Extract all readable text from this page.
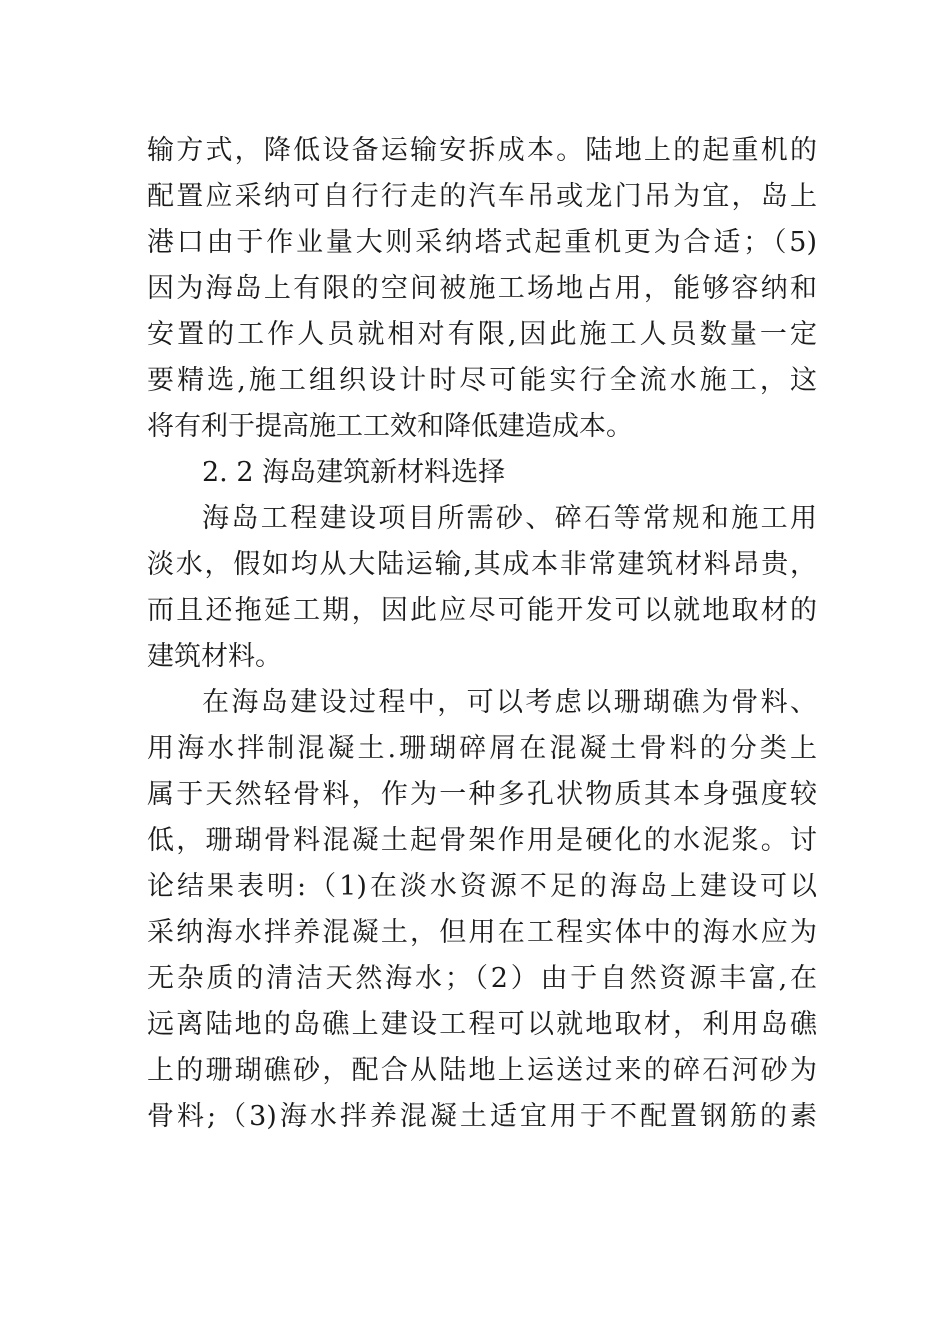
输方式，降低设备运输安拆成本。陆地上的起重机的
配置应采纳可自行行走的汽车吊或龙门吊为宜，岛上
港口由于作业量大则采纳塔式起重机更为合适；（5)
因为海岛上有限的空间被施工场地占用，能够容纳和
安置的工作人员就相对有限,因此施工人员数量一定
要精选,施工组织设计时尽可能实行全流水施工，这
将有利于提高施工工效和降低建造成本。
2. 2 海岛建筑新材料选择
海岛工程建设项目所需砂、碎石等常规和施工用
淡水，假如均从大陆运输,其成本非常建筑材料昂贵，
而且还拖延工期，因此应尽可能开发可以就地取材的
建筑材料。
在海岛建设过程中，可以考虑以珊瑚礁为骨料、
用海水拌制混凝土.珊瑚碎屑在混凝土骨料的分类上
属于天然轻骨料，作为一种多孔状物质其本身强度较
低，珊瑚骨料混凝土起骨架作用是硬化的水泥浆。讨
论结果表明:（1)在淡水资源不足的海岛上建设可以
采纳海水拌养混凝土，但用在工程实体中的海水应为
无杂质的清洁天然海水；（2）由于自然资源丰富,在
远离陆地的岛礁上建设工程可以就地取材，利用岛礁
上的珊瑚礁砂，配合从陆地上运送过来的碎石河砂为
骨料;（3)海水拌养混凝土适宜用于不配置钢筋的素
